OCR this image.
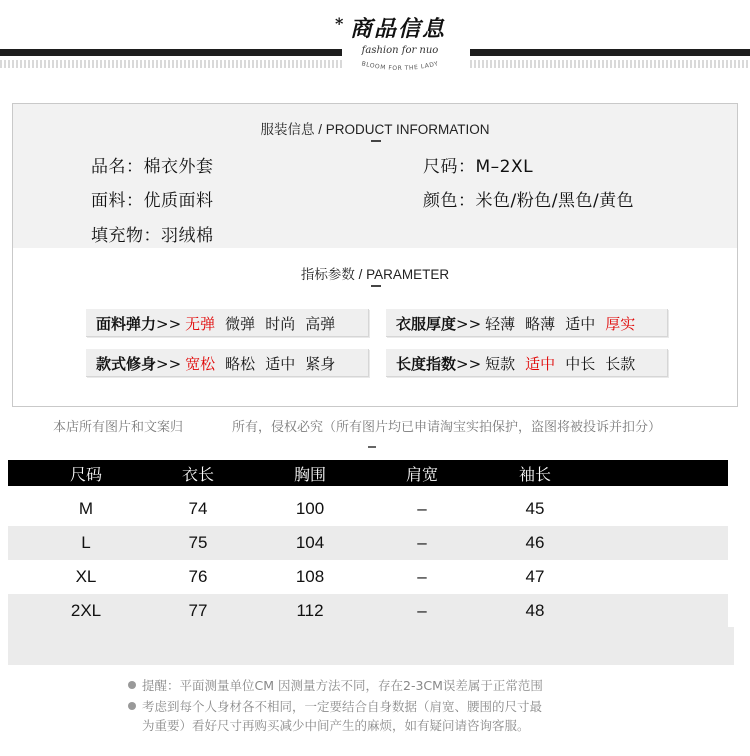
* 商品信息
fashion for nuo
BLOOM FOR THE LADY
服装信息 / PRODUCT INFORMATION
品名：棉衣外套	尺码：M–2XL
面料：优质面料	颜色：米色/粉色/黑色/黄色
填充物：羽绒棉
指标参数 / PARAMETER
面料弹力>> 无弹 微弹 时尚 高弹	衣服厚度>> 轻薄 略薄 适中 厚实
款式修身>> 宽松 略松 适中 紧身	长度指数>> 短款 适中 中长 长款
本店所有图片和文案归	所有，侵权必究（所有图片均已申请淘宝实拍保护，盗图将被投诉并扣分）
尺码	衣长	胸围	肩宽	袖长
M	74	100	–	45
L	75	104	–	46
XL	76	108	–	47
2XL	77	112	–	48
提醒：平面测量单位CM 因测量方法不同，存在2-3CM误差属于正常范围
考虑到每个人身材各不相同，一定要结合自身数据（肩宽、腰围的尺寸最
为重要）看好尺寸再购买减少中间产生的麻烦，如有疑问请咨询客服。
